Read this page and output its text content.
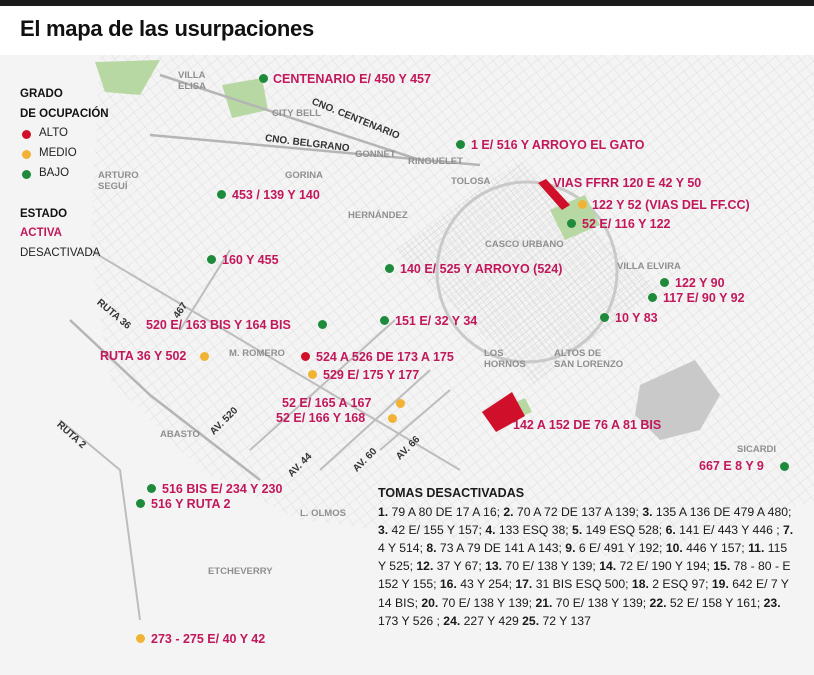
El mapa de las usurpaciones
VILLA
ELISA
CITY BELL
GONNET
RINGUELET
ARTURO
SEGUÍ
GORINA
TOLOSA
HERNÁNDEZ
CASCO URBANO
VILLA ELVIRA
M. ROMERO	LOS
HORNOS
ALTOS DE
SAN LORENZO
ABASTO
SICARDI
L. OLMOS
ETCHEVERRY
CNO. CENTENARIO
CNO. BELGRANO
RUTA 36	467
AV. 520
AV. 44	AV. 60 AV. 66
RUTA 2
GRADO
DE OCUPACIÓN
ALTO
MEDIO
BAJO
ESTADO
ACTIVA
DESACTIVADA
CENTENARIO E/ 450 Y 457
1 E/ 516 Y ARROYO EL GATO
VIAS FFRR 120 E 42 Y 50
122 Y 52 (VIAS DEL FF.CC)
52 E/ 116 Y 122
453 / 139 Y 140
160 Y 455
140 E/ 525 Y ARROYO (524)
122 Y 90
117 E/ 90 Y 92
10 Y 83
520 E/ 163 BIS Y 164 BIS	151 E/ 32 Y 34
RUTA 36 Y 502	524 A 526 DE 173 A 175
529 E/ 175 Y 177
52 E/ 165 A 167
52 E/ 166 Y 168	142 A 152 DE 76 A 81 BIS
667 E 8 Y 9
516 BIS E/ 234 Y 230
516 Y RUTA 2
273 - 275 E/ 40 Y 42
TOMAS DESACTIVADAS
1. 79 A 80 DE 17 A 16; 2. 70 A 72 DE 137 A 139; 3. 135 A 136 DE 479 A 480; 3. 42 E/ 155 Y 157; 4. 133 ESQ 38; 5. 149 ESQ 528; 6. 141 E/ 443 Y 446 ; 7. 4 Y 514; 8. 73 A 79 DE 141 A 143; 9. 6 E/ 491 Y 192; 10. 446 Y 157; 11. 115 Y 525; 12. 37 Y 67; 13. 70 E/ 138 Y 139; 14. 72 E/ 190 Y 194; 15. 78 - 80 - E 152 Y 155; 16. 43 Y 254; 17. 31 BIS ESQ 500; 18. 2 ESQ 97; 19. 642 E/ 7 Y 14 BIS; 20. 70 E/ 138 Y 139; 21. 70 E/ 138 Y 139; 22. 52 E/ 158 Y 161; 23. 173 Y 526 ; 24. 227 Y 429 25. 72 Y 137
